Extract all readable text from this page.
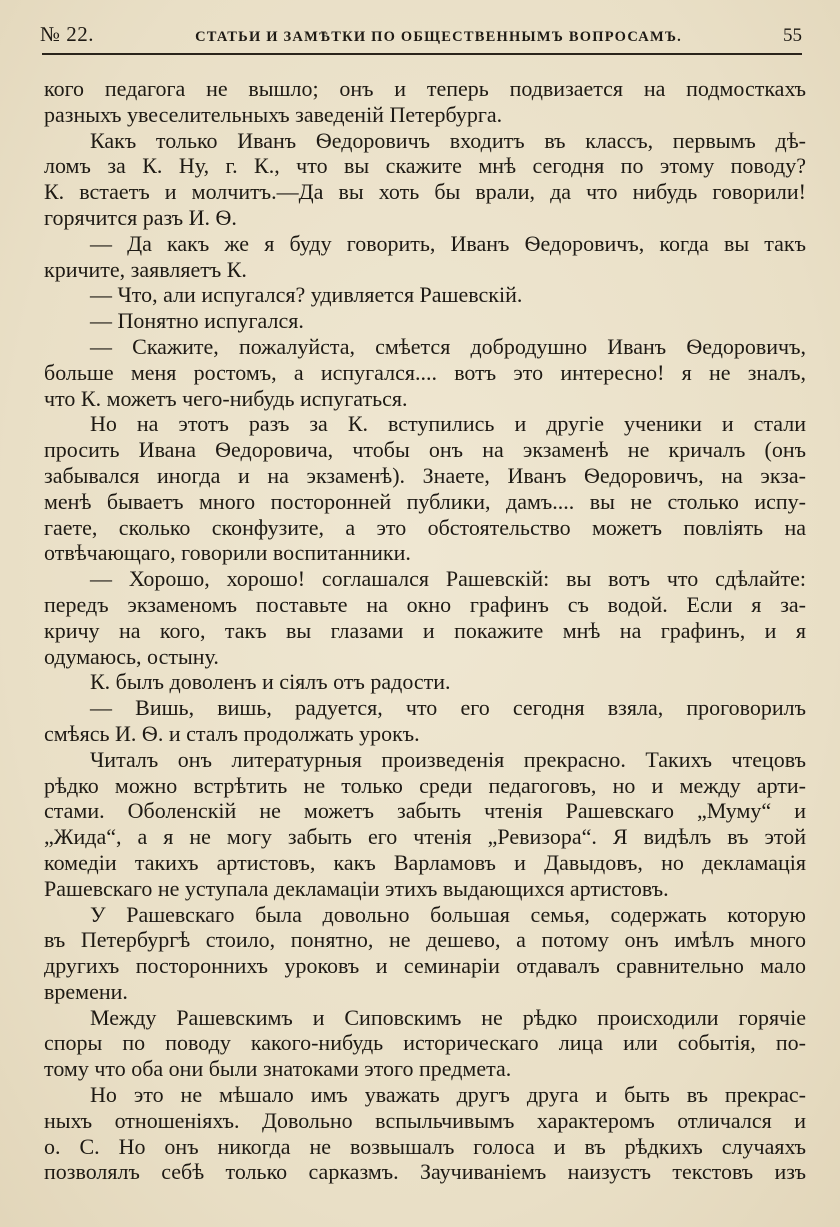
№ 22.	СТАТЬИ И ЗАМѢТКИ ПО ОБЩЕСТВЕННЫМЪ ВОПРОСАМЪ.	55
кого педагога не вышло; онъ и теперь подвизается на подмосткахъ
разныхъ увеселительныхъ заведенiй Петербурга.
Какъ только Иванъ Ѳедоровичъ входитъ въ классъ, первымъ дѣ-
ломъ за К. Ну, г. К., что вы скажите мнѣ сегодня по этому поводу?
К. встаетъ и молчитъ.—Да вы хоть бы врали, да что нибудь говорили!
горячится разъ И. Ѳ.
— Да какъ же я буду говорить, Иванъ Ѳедоровичъ, когда вы такъ
кричите, заявляетъ К.
— Что, али испугался? удивляется Рашевскiй.
— Понятно испугался.
— Скажите, пожалуйста, смѣется добродушно Иванъ Ѳедоровичъ,
больше меня ростомъ, а испугался.... вотъ это интересно! я не зналъ,
что К. можетъ чего-нибудь испугаться.
Но на этотъ разъ за К. вступились и другiе ученики и стали
просить Ивана Ѳедоровича, чтобы онъ на экзаменѣ не кричалъ (онъ
забывался иногда и на экзаменѣ). Знаете, Иванъ Ѳедоровичъ, на экза-
менѣ бываетъ много посторонней публики, дамъ.... вы не столько испу-
гаете, сколько сконфузите, а это обстоятельство можетъ повлiять на
отвѣчающаго, говорили воспитанники.
— Хорошо, хорошо! соглашался Рашевскiй: вы вотъ что сдѣлайте:
передъ экзаменомъ поставьте на окно графинъ съ водой. Если я за-
кричу на кого, такъ вы глазами и покажите мнѣ на графинъ, и я
одумаюсь, остыну.
К. былъ доволенъ и сiялъ отъ радости.
— Вишь, вишь, радуется, что его сегодня взяла, проговорилъ
смѣясь И. Ѳ. и сталъ продолжать урокъ.
Читалъ онъ литературныя произведенiя прекрасно. Такихъ чтецовъ
рѣдко можно встрѣтить не только среди педагоговъ, но и между арти-
стами. Оболенскiй не можетъ забыть чтенiя Рашевскаго „Муму“ и
„Жида“, а я не могу забыть его чтенiя „Ревизора“. Я видѣлъ въ этой
комедiи такихъ артистовъ, какъ Варламовъ и Давыдовъ, но декламацiя
Рашевскаго не уступала декламацiи этихъ выдающихся артистовъ.
У Рашевскаго была довольно большая семья, содержать которую
въ Петербургѣ стоило, понятно, не дешево, а потому онъ имѣлъ много
другихъ постороннихъ уроковъ и семинарiи отдавалъ сравнительно мало
времени.
Между Рашевскимъ и Сиповскимъ не рѣдко происходили горячiе
споры по поводу какого-нибудь историческаго лица или событiя, по-
тому что оба они были знатоками этого предмета.
Но это не мѣшало имъ уважать другъ друга и быть въ прекрас-
ныхъ отношенiяхъ. Довольно вспыльчивымъ характеромъ отличался и
о. С. Но онъ никогда не возвышалъ голоса и въ рѣдкихъ случаяхъ
позволялъ себѣ только сарказмъ. Заучиванiемъ наизустъ текстовъ изъ
